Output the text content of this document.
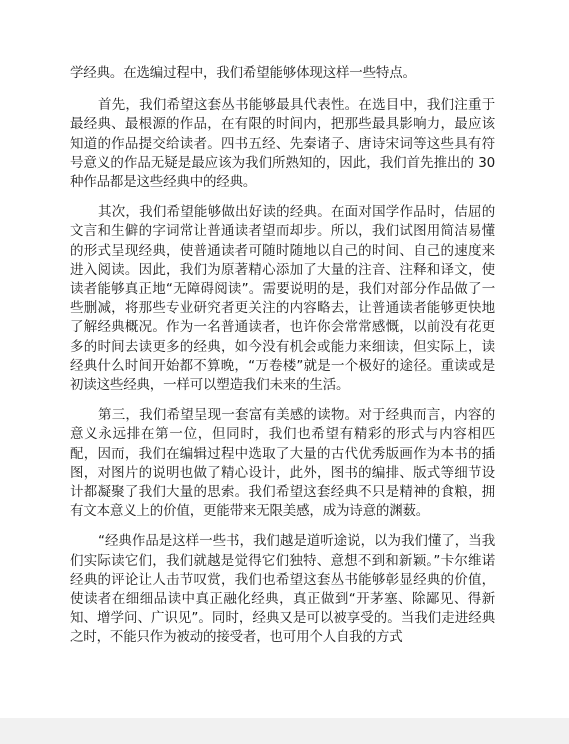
学经典。在选编过程中，我们希望能够体现这样一些特点。

首先，我们希望这套丛书能够最具代表性。在选目中，我们注重于最经典、最根源的作品，在有限的时间内，把那些最具影响力，最应该知道的作品提交给读者。四书五经、先秦诸子、唐诗宋词等这些具有符号意义的作品无疑是最应该为我们所熟知的，因此，我们首先推出的 30 种作品都是这些经典中的经典。

其次，我们希望能够做出好读的经典。在面对国学作品时，佶屈的文言和生僻的字词常让普通读者望而却步。所以，我们试图用简洁易懂的形式呈现经典，使普通读者可随时随地以自己的时间、自己的速度来进入阅读。因此，我们为原著精心添加了大量的注音、注释和译文，使读者能够真正地“无障碍阅读”。需要说明的是，我们对部分作品做了一些删减，将那些专业研究者更关注的内容略去，让普通读者能够更快地了解经典概况。作为一名普通读者，也许你会常常感慨，以前没有花更多的时间去读更多的经典，如今没有机会或能力来细读，但实际上，读经典什么时间开始都不算晚，“万卷楼”就是一个极好的途径。重读或是初读这些经典，一样可以塑造我们未来的生活。

第三，我们希望呈现一套富有美感的读物。对于经典而言，内容的意义永远排在第一位，但同时，我们也希望有精彩的形式与内容相匹配，因而，我们在编辑过程中选取了大量的古代优秀版画作为本书的插图，对图片的说明也做了精心设计，此外，图书的编排、版式等细节设计都凝聚了我们大量的思索。我们希望这套经典不只是精神的食粮，拥有文本意义上的价值，更能带来无限美感，成为诗意的渊薮。

“经典作品是这样一些书，我们越是道听途说，以为我们懂了，当我们实际读它们，我们就越是觉得它们独特、意想不到和新颖。”卡尔维诺经典的评论让人击节叹赏，我们也希望这套丛书能够彰显经典的价值，使读者在细细品读中真正融化经典，真正做到“开茅塞、除鄙见、得新知、增学问、广识见”。同时，经典又是可以被享受的。当我们走进经典之时，不能只作为被动的接受者，也可用个人自我的方式
